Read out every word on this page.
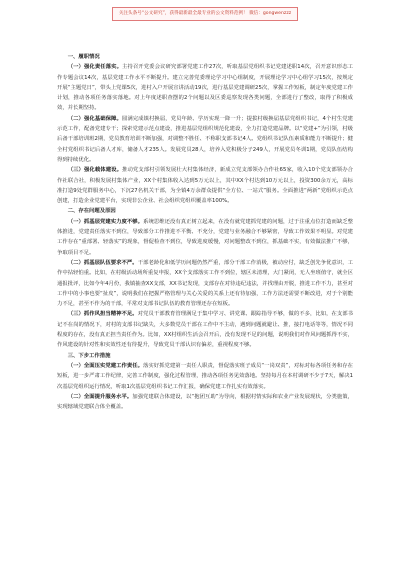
关注头条号“公文研究”，获得最新最全最专业的公文资料范例！ 微信：gongwenzzz

一、履职情况

（一）强化责任落实。主持召开党委会议研究部署党建工作27次，听取基层党组织书记党建述职14次，召开意识形态工作专题会议14次，基层党建工作水平不断提升。建立完善党委理论学习中心组制度，开展理论学习中心组学习15次，按规定开展“主题党日”，带头上党课5次，进村入户开展宣讲活动19次，进行基层党建调研25次，掌握工作短板，制定年度党建工作计划，推动各项任务落实落地。对上年度述职查摆的2个问题以及区委巡察发现各类问题，全部进行了整改，取得了积极成效，并长期坚持。

（二）强化基础保障。圆满完成镇村换届，党员年龄、学历实现一降一升；提拔村级换届基层党组织书记，4个村生党建示范工作，配备党建专干；探索党建示范点建设，推进基层党组织规范化建设，全力打造党建品牌。以“党建+”为引领，村级后备干部培训班2期，党员教育培训不断加强，对调整不胜任、不称职支部书记4人。党组织书记队伍素质和能力不断提升；健全村党组织书记后备人才库，储备人才235人。发展党员28人，培养入党积极分子249人，开展党员冬训1期，党员队伍结构得到持续优化。

（三）强化载体建设。推动党支部村引领发展壮大村集体经济，新成立党支部领办合作社65家，收入10个党支部领办合作社联合社，积极发展村集体产业，XX个村集体收入达到5万元以上，其中XX个村达到10万元以上，投资300余万元，高标准打造9处党群服务中心，下沉27名机关干部，为全镇4万余群众提供“全方位、一站式”服务。全面推进“两新”党组织示范点创建，打造企业党建平台，实现非公企业、社会组织党组织覆盖率100%。

二、存在问题及原因

（一）抓基层党建实力度不够。系统思维还没有真正树立起来，在没有就党建抓党建的问题，过于注重点位打造而缺乏整体推进，党建责任落实不到位，导致部分工作推进不平衡、不充分，党建与业务融合不够紧密，导致工作效果不明显。对党建工作存在“重部署、轻落实”的现象，督促检查不到位，导致进度缓慢，对问题整改不到位，抓基础不实，有效做法推广不够，争取项目不足。

（二）抓基层队伍要求不严。干部老龄化和低学历问题仍然严重，部分干部工作消极，被动应付，缺乏创先争优意识，工作中拈轻怕重。比如，在村级活动场所重复申报，XX个支部落实工作不到位，辖区未清理，大门紧闭，无人坐班值守，就全区通报批评，比如今年4月份，我镇抽查XX支部，XX书记发现，支部存在对待违纪违法，并找理由开脱，推进工作不力，甚至对工作中的小事也要“扯皮”，说明我们在把握严格管理与关心关爱的关系上还有待加强，工作方法还需要不断改进，对于个别能力不足，甚至不作为的干部，平常对支部书记队伍的教育管理还存在短板。

（三）抓作风担当精神不足。对党员干部教育管理满足于集中学习、讲党课、跟踪指导不够，做的不多，比如，在支部书记不在岗的情况下，对村的支部书记缺失，大多数党员干部在工作中不主动，遇到问题就避让、推，接打电话等等，情况不同程度的存在，没有真正担当责任作为。比如，XX村组织生活会召开后，没有发现不足的问题，说明我们对作风问题抓得不实，作风建设的针对性和实效性还有待提升，导致党员干部认识有偏差，重视程度不够。

三、下步工作措施

（一）全面压实党建工作责任。落实好抓党建第一责任人职责，督促落实班子成员“一岗双责”，对标对标各项任务和存在短板，进一步严肃工作纪律，完善工作制度，强化过程管理，推动各项任务见效落地。坚持每月在本村调研不少于7天，解决1次基层党组织运行情况，听取1次基层党组织书记工作汇报，确保党建工作扎实有效落实。

（二）全面提升服务水平。加强党建联合体建设，以“抱团互助”为导向，根据村情实际和农业产业发展现状，分类施策，实现辖域党建联合体全覆盖。
